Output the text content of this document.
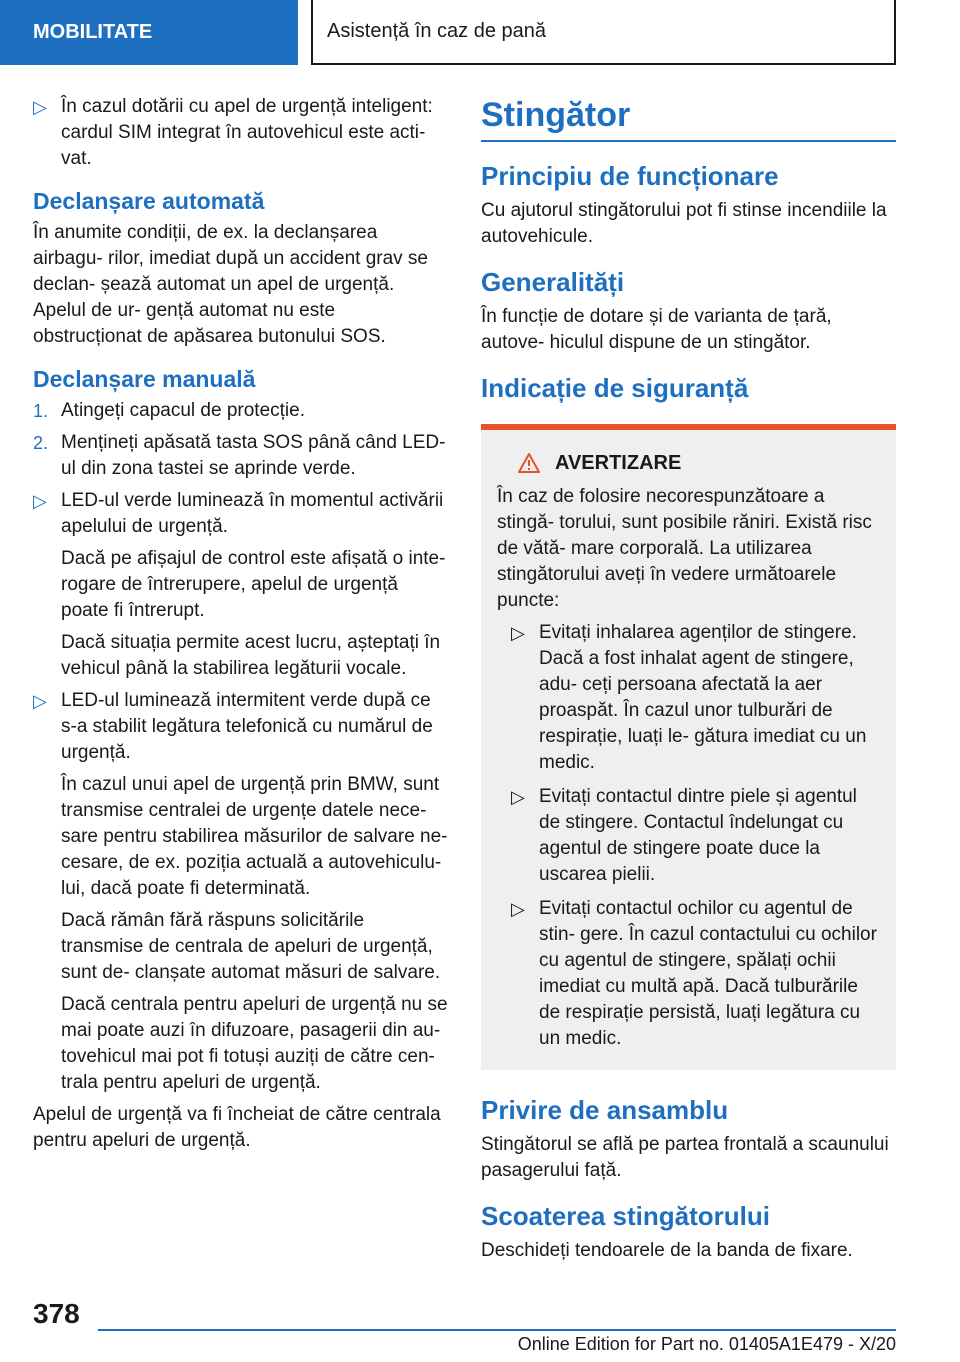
MOBILITATE	Asistență în caz de pană
▷ În cazul dotării cu apel de urgență inteligent: cardul SIM integrat în autovehicul este acti- vat.
Declanșare automată

În anumite condiții, de ex. la declanșarea airbagu- rilor, imediat după un accident grav se declan- șează automat un apel de urgență. Apelul de ur- gență automat nu este obstrucționat de apăsarea butonului SOS.

Declanșare manuală
1. Atingeți capacul de protecție.
2. Mențineți apăsată tasta SOS până când LED- ul din zona tastei se aprinde verde.
▷ LED-ul verde luminează în momentul activării apelului de urgență.
Dacă pe afișajul de control este afișată o inte- rogare de întrerupere, apelul de urgență poate fi întrerupt.
Dacă situația permite acest lucru, așteptați în vehicul până la stabilirea legăturii vocale.
▷ LED-ul luminează intermitent verde după ce s-a stabilit legătura telefonică cu numărul de urgență.
În cazul unui apel de urgență prin BMW, sunt transmise centralei de urgențe datele nece- sare pentru stabilirea măsurilor de salvare ne- cesare, de ex. poziția actuală a autovehiculu- lui, dacă poate fi determinată.
Dacă rămân fără răspuns solicitările transmise de centrala de apeluri de urgență, sunt de- clanșate automat măsuri de salvare.
Dacă centrala pentru apeluri de urgență nu se mai poate auzi în difuzoare, pasagerii din au- tovehicul mai pot fi totuși auziți de către cen- trala pentru apeluri de urgență.

Apelul de urgență va fi încheiat de către centrala pentru apeluri de urgență.

Stingător
Principiu de funcționare

Cu ajutorul stingătorului pot fi stinse incendiile la autovehicule.

Generalități

În funcție de dotare și de varianta de țară, autove- hiculul dispune de un stingător.

Indicație de siguranță
AVERTIZARE

În caz de folosire necorespunzătoare a stingă- torului, sunt posibile răniri. Există risc de vătă- mare corporală. La utilizarea stingătorului aveți în vedere următoarele puncte:

▷ Evitați inhalarea agenților de stingere. Dacă a fost inhalat agent de stingere, adu- ceți persoana afectată la aer proaspăt. În cazul unor tulburări de respirație, luați le- gătura imediat cu un medic.
▷ Evitați contactul dintre piele și agentul de stingere. Contactul îndelungat cu agentul de stingere poate duce la uscarea pielii.
▷ Evitați contactul ochilor cu agentul de stin- gere. În cazul contactului cu ochilor cu agentul de stingere, spălați ochii imediat cu multă apă. Dacă tulburările de respirație persistă, luați legătura cu un medic.
Privire de ansamblu

Stingătorul se află pe partea frontală a scaunului pasagerului față.

Scoaterea stingătorului

Deschideți tendoarele de la banda de fixare.

378
Online Edition for Part no. 01405A1E479 - X/20
